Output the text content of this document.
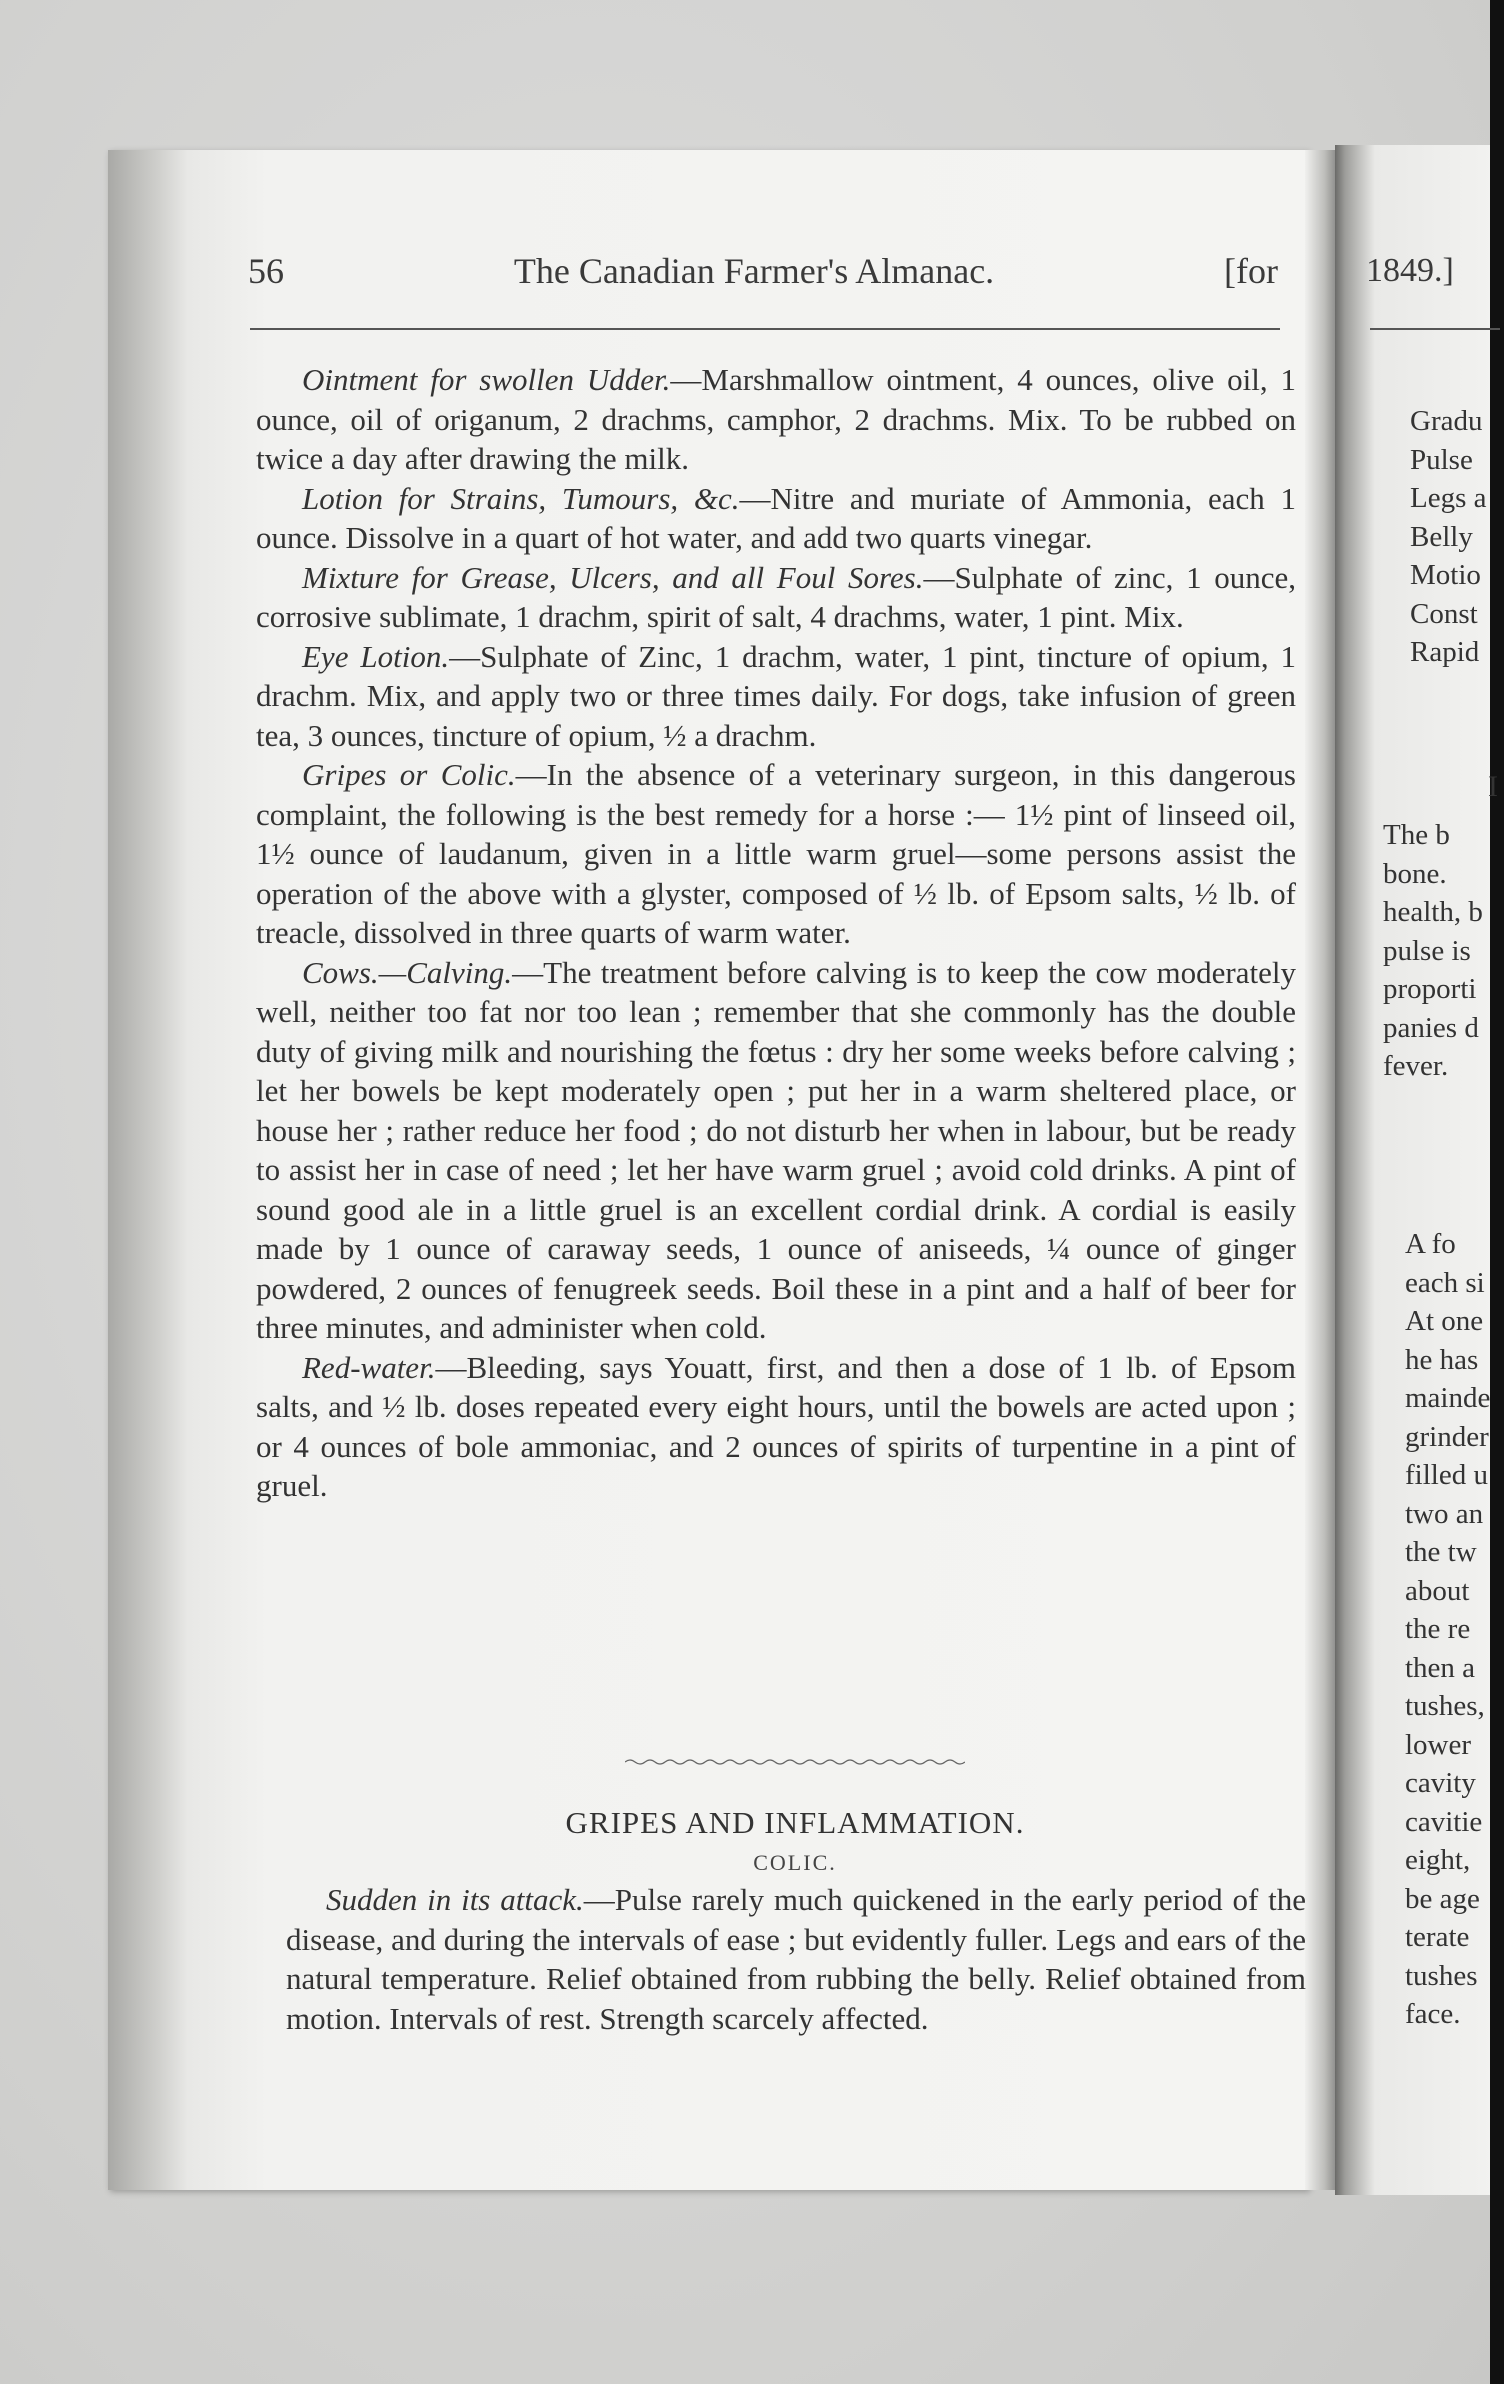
56	The Canadian Farmer's Almanac.	[for

Ointment for swollen Udder.—Marshmallow ointment, 4 ounces, olive oil, 1 ounce, oil of origanum, 2 drachms, camphor, 2 drachms. Mix. To be rubbed on twice a day after drawing the milk.

Lotion for Strains, Tumours, &c.—Nitre and muriate of Ammonia, each 1 ounce. Dissolve in a quart of hot water, and add two quarts vinegar.

Mixture for Grease, Ulcers, and all Foul Sores.—Sulphate of zinc, 1 ounce, corrosive sublimate, 1 drachm, spirit of salt, 4 drachms, water, 1 pint. Mix.

Eye Lotion.—Sulphate of Zinc, 1 drachm, water, 1 pint, tincture of opium, 1 drachm. Mix, and apply two or three times daily. For dogs, take infusion of green tea, 3 ounces, tincture of opium, ½ a drachm.

Gripes or Colic.—In the absence of a veterinary surgeon, in this dangerous complaint, the following is the best remedy for a horse :— 1½ pint of linseed oil, 1½ ounce of laudanum, given in a little warm gruel—some persons assist the operation of the above with a glyster, composed of ½ lb. of Epsom salts, ½ lb. of treacle, dissolved in three quarts of warm water.

Cows.—Calving.—The treatment before calving is to keep the cow moderately well, neither too fat nor too lean ; remember that she commonly has the double duty of giving milk and nourishing the fœtus : dry her some weeks before calving ; let her bowels be kept moderately open ; put her in a warm sheltered place, or house her ; rather reduce her food ; do not disturb her when in labour, but be ready to assist her in case of need ; let her have warm gruel ; avoid cold drinks. A pint of sound good ale in a little gruel is an excellent cordial drink. A cordial is easily made by 1 ounce of caraway seeds, 1 ounce of aniseeds, ¼ ounce of ginger powdered, 2 ounces of fenugreek seeds. Boil these in a pint and a half of beer for three minutes, and administer when cold.

Red-water.—Bleeding, says Youatt, first, and then a dose of 1 lb. of Epsom salts, and ½ lb. doses repeated every eight hours, until the bowels are acted upon ; or 4 ounces of bole ammoniac, and 2 ounces of spirits of turpentine in a pint of gruel.

GRIPES AND INFLAMMATION.
COLIC.

Sudden in its attack.—Pulse rarely much quickened in the early period of the disease, and during the intervals of ease ; but evidently fuller. Legs and ears of the natural temperature. Relief obtained from rubbing the belly. Relief obtained from motion. Intervals of rest. Strength scarcely affected.

1849.]
Gradu
Pulse
Legs a
Belly
Motio
Const
Rapid
I
The b
bone.
health, b
pulse is
proporti
panies d
fever.
A fo
each si
At one
he has
mainde
grinder
filled u
two an
the tw
about
the re
then a
tushes,
lower
cavity
cavitie
eight,
be age
terate
tushes
face.
